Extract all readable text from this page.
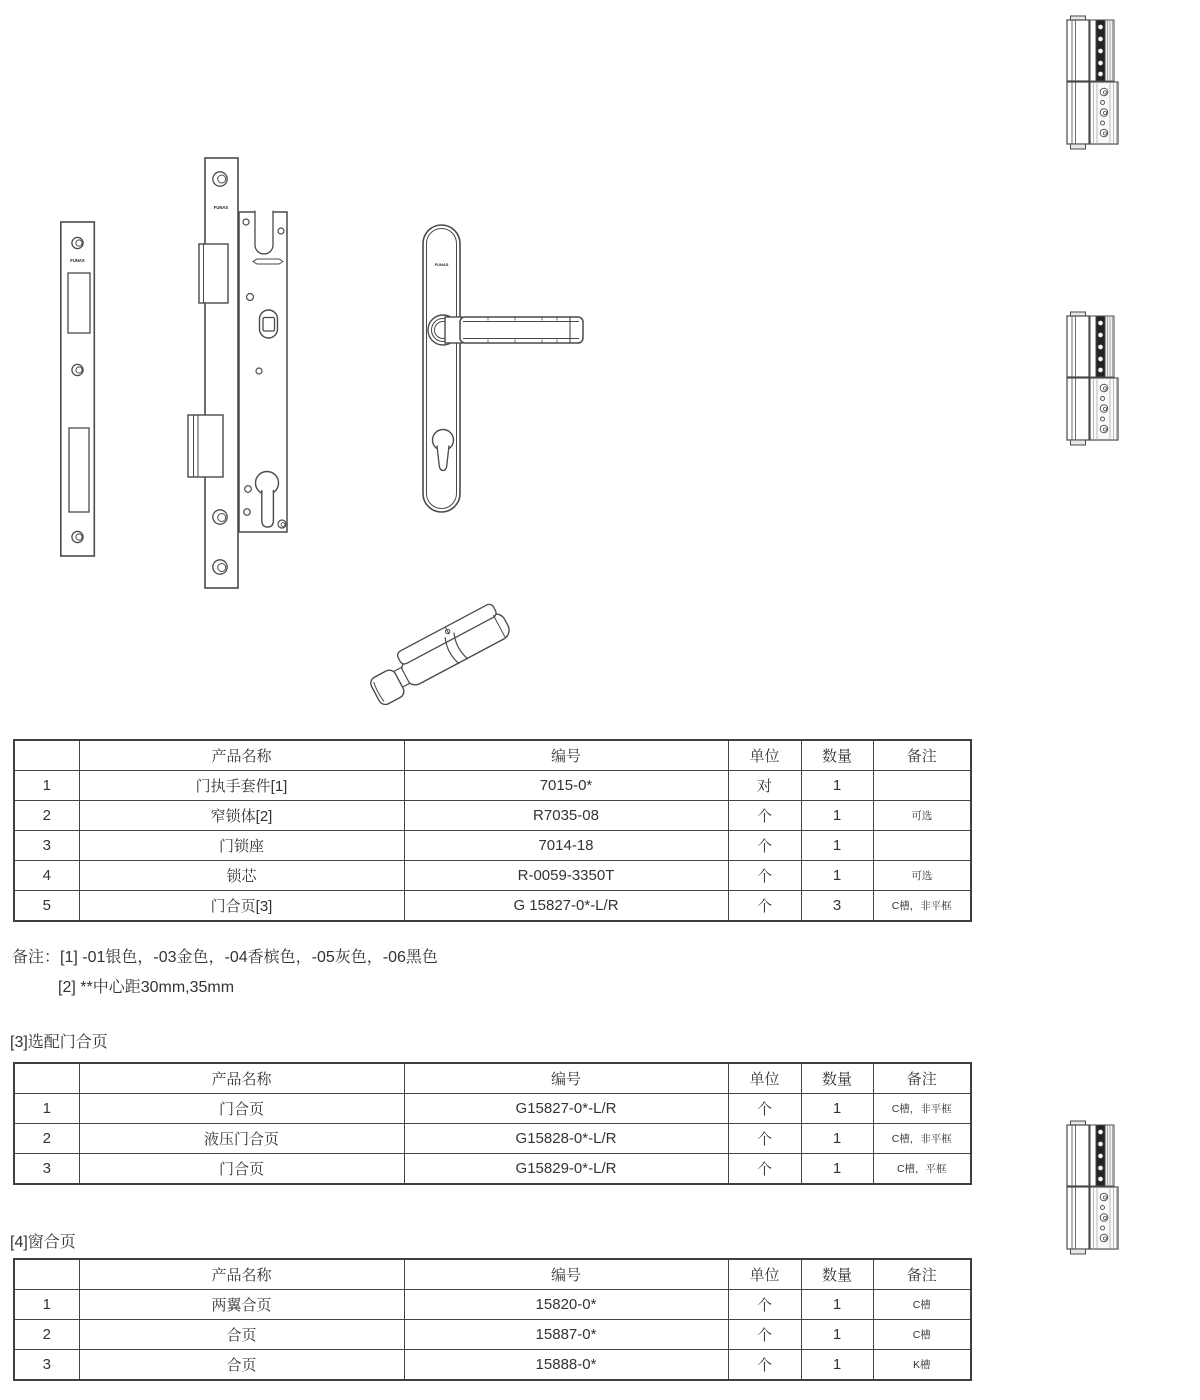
FUNAS
FUNAS
FUNAS
	产品名称	编号	单位	数量	备注
1	门执手套件[1]	7015-0*	对	1	
2	窄锁体[2]	R7035-08	个	1	可选
3	门锁座	7014-18	个	1	
4	锁芯	R-0059-3350T	个	1	可选
5	门合页[3]	G 15827-0*-L/R	个	3	C槽，非平框
备注：[1] -01银色，-03金色，-04香槟色，-05灰色，-06黑色
[2] **中心距30mm,35mm
[3]选配门合页
	产品名称	编号	单位	数量	备注
1	门合页	G15827-0*-L/R	个	1	C槽，非平框
2	液压门合页	G15828-0*-L/R	个	1	C槽，非平框
3	门合页	G15829-0*-L/R	个	1	C槽，平框
[4]窗合页
	产品名称	编号	单位	数量	备注
1	两翼合页	15820-0*	个	1	C槽
2	合页	15887-0*	个	1	C槽
3	合页	15888-0*	个	1	K槽
